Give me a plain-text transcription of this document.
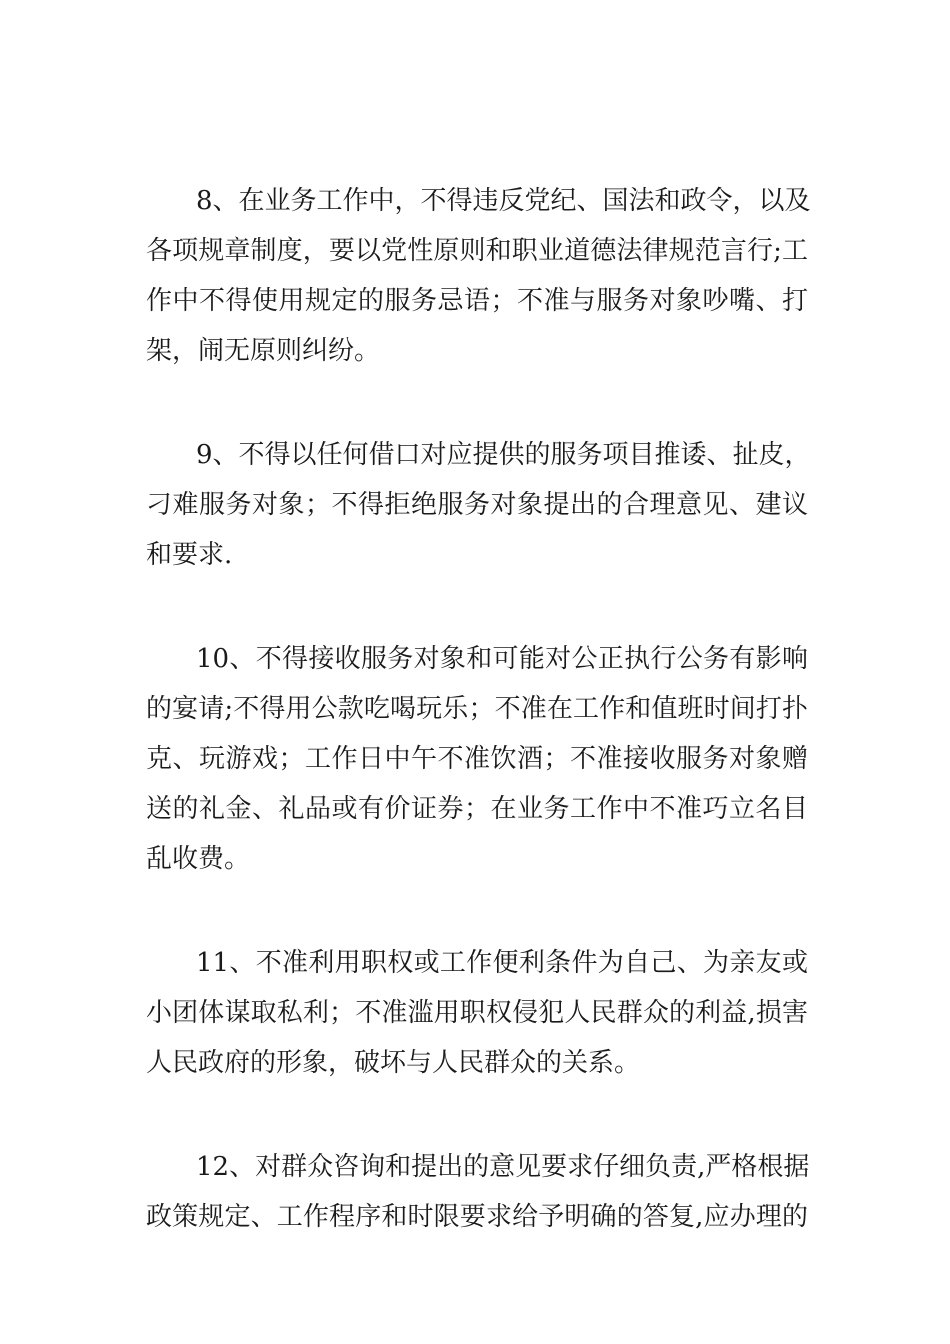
8、在业务工作中，不得违反党纪、国法和政令，以及
各项规章制度，要以党性原则和职业道德法律规范言行;工
作中不得使用规定的服务忌语；不准与服务对象吵嘴、打
架，闹无原则纠纷。
9、不得以任何借口对应提供的服务项目推诿、扯皮，
刁难服务对象；不得拒绝服务对象提出的合理意见、建议
和要求.
10、不得接收服务对象和可能对公正执行公务有影响
的宴请;不得用公款吃喝玩乐；不准在工作和值班时间打扑
克、玩游戏；工作日中午不准饮酒；不准接收服务对象赠
送的礼金、礼品或有价证券；在业务工作中不准巧立名目
乱收费。
11、不准利用职权或工作便利条件为自己、为亲友或
小团体谋取私利；不准滥用职权侵犯人民群众的利益,损害
人民政府的形象，破坏与人民群众的关系。
12、对群众咨询和提出的意见要求仔细负责,严格根据
政策规定、工作程序和时限要求给予明确的答复,应办理的
